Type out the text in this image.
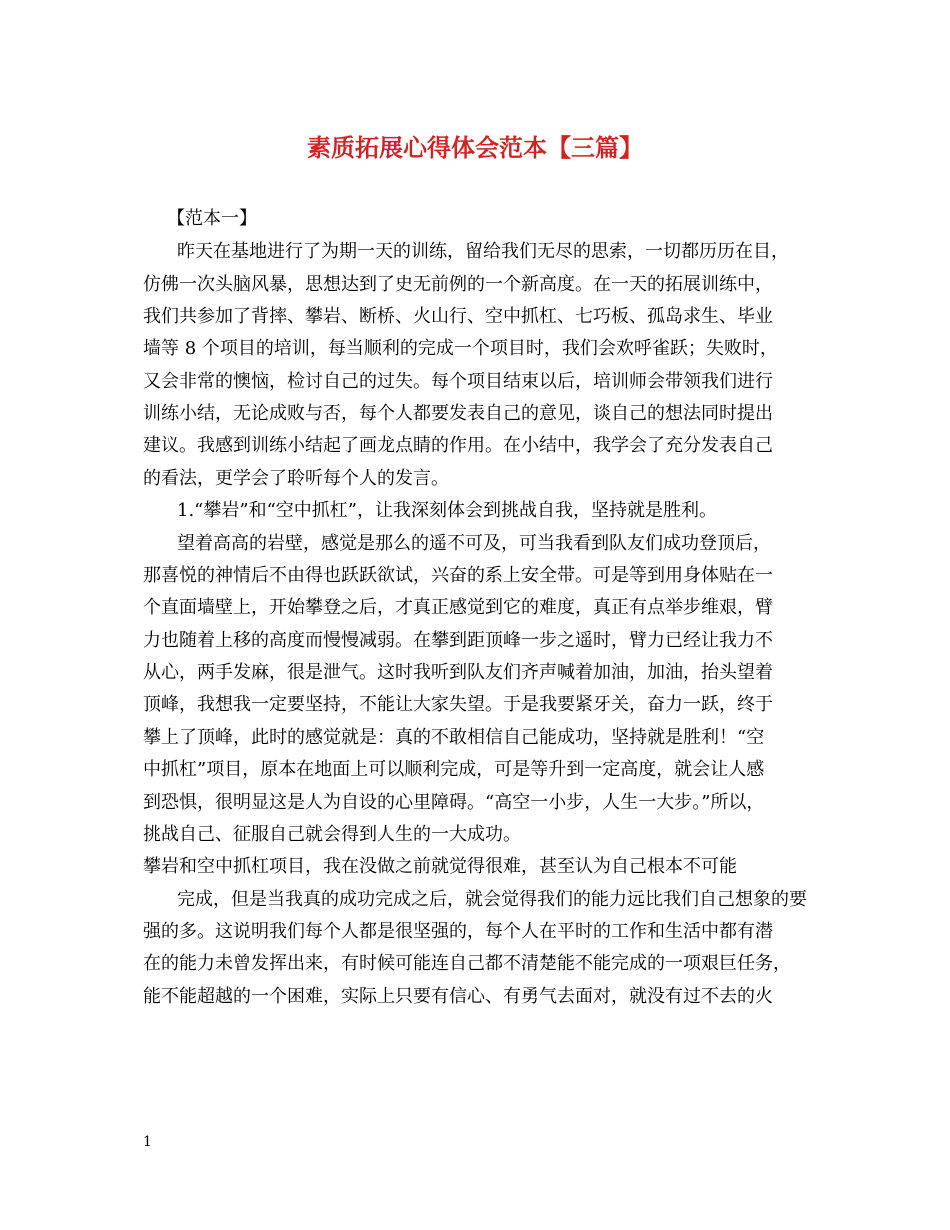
素质拓展心得体会范本【三篇】

【范本一】

昨天在基地进行了为期一天的训练，留给我们无尽的思索，一切都历历在目，

仿佛一次头脑风暴，思想达到了史无前例的一个新高度。在一天的拓展训练中，

我们共参加了背摔、攀岩、断桥、火山行、空中抓杠、七巧板、孤岛求生、毕业

墙等 8 个项目的培训，每当顺利的完成一个项目时，我们会欢呼雀跃；失败时，

又会非常的懊恼，检讨自己的过失。每个项目结束以后，培训师会带领我们进行

训练小结，无论成败与否，每个人都要发表自己的意见，谈自己的想法同时提出

建议。我感到训练小结起了画龙点睛的作用。在小结中，我学会了充分发表自己

的看法，更学会了聆听每个人的发言。

1.“攀岩”和“空中抓杠”，让我深刻体会到挑战自我，坚持就是胜利。

望着高高的岩壁，感觉是那么的遥不可及，可当我看到队友们成功登顶后，

那喜悦的神情后不由得也跃跃欲试，兴奋的系上安全带。可是等到用身体贴在一

个直面墙壁上，开始攀登之后，才真正感觉到它的难度，真正有点举步维艰，臂

力也随着上移的高度而慢慢减弱。在攀到距顶峰一步之遥时，臂力已经让我力不

从心，两手发麻，很是泄气。这时我听到队友们齐声喊着加油，加油，抬头望着

顶峰，我想我一定要坚持，不能让大家失望。于是我要紧牙关，奋力一跃，终于

攀上了顶峰，此时的感觉就是：真的不敢相信自己能成功，坚持就是胜利！“空

中抓杠”项目，原本在地面上可以顺利完成，可是等升到一定高度，就会让人感

到恐惧，很明显这是人为自设的心里障碍。“高空一小步，人生一大步。”所以，

挑战自己、征服自己就会得到人生的一大成功。

攀岩和空中抓杠项目，我在没做之前就觉得很难，甚至认为自己根本不可能

完成，但是当我真的成功完成之后，就会觉得我们的能力远比我们自己想象的要

强的多。这说明我们每个人都是很坚强的，每个人在平时的工作和生活中都有潜

在的能力未曾发挥出来，有时候可能连自己都不清楚能不能完成的一项艰巨任务，

能不能超越的一个困难，实际上只要有信心、有勇气去面对，就没有过不去的火

1
